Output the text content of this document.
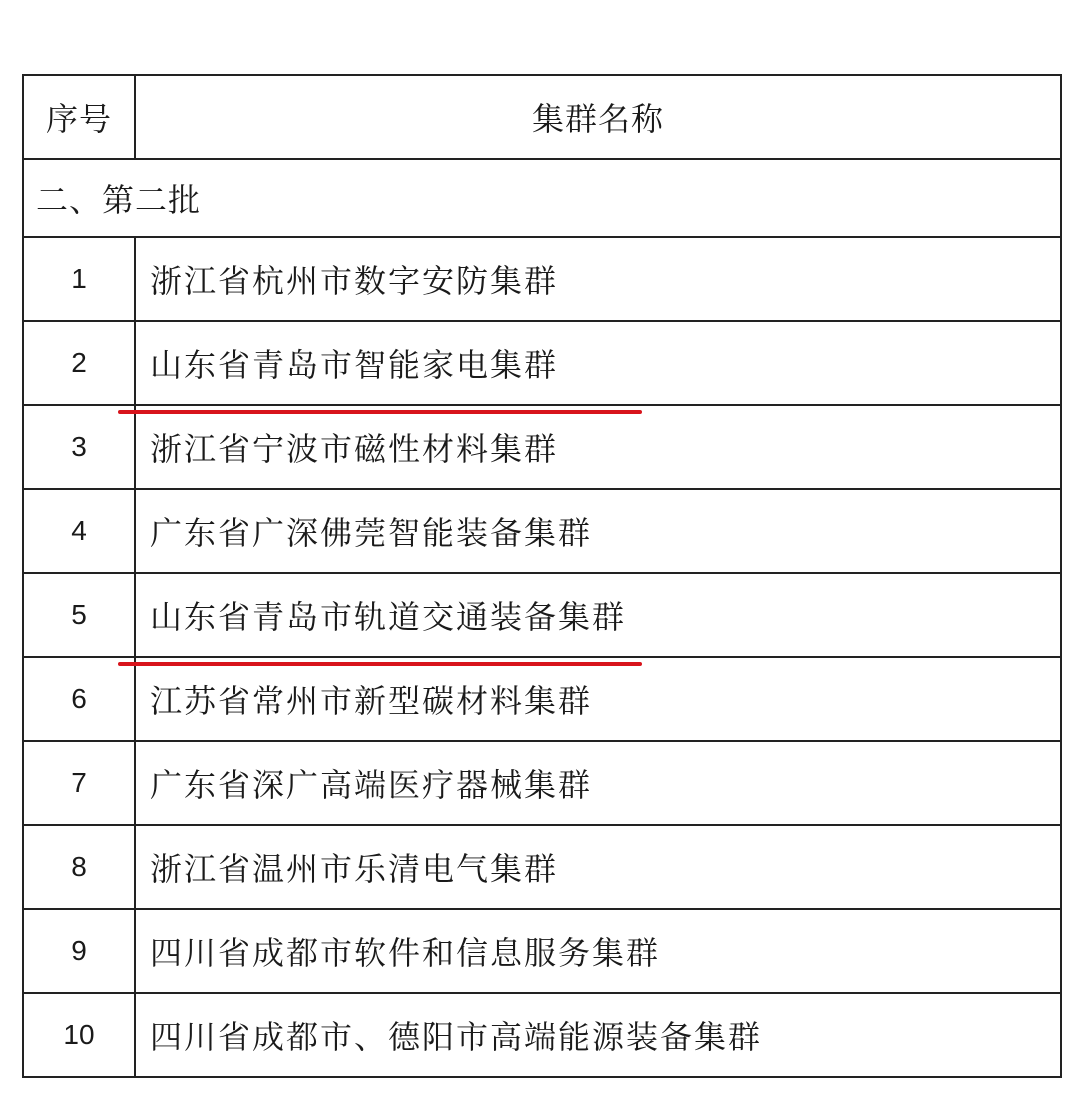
序号	集群名称
二、第二批	
1	浙江省杭州市数字安防集群
2	山东省青岛市智能家电集群

3	浙江省宁波市磁性材料集群
4	广东省广深佛莞智能装备集群
5	山东省青岛市轨道交通装备集群

6	江苏省常州市新型碳材料集群
7	广东省深广高端医疗器械集群
8	浙江省温州市乐清电气集群
9	四川省成都市软件和信息服务集群
10	四川省成都市、德阳市高端能源装备集群
